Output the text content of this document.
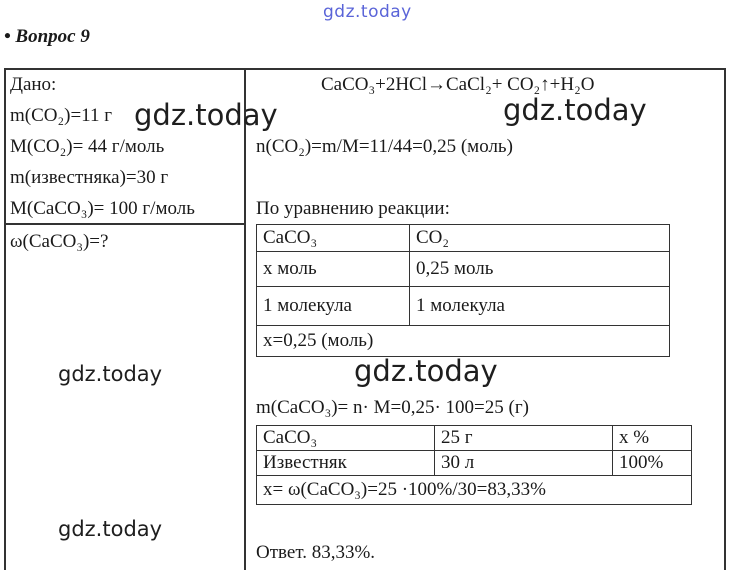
gdz.today
• Вопрос 9
Дано:
m(CO₂)=11 г
M(CO₂)= 44 г/моль
m(известняка)=30 г
M(CaCO₃)= 100 г/моль
ω(CaCO₃)=?
CaCO₃+2HCl→CaCl₂+ CO₂↑+H₂O
n(CO₂)=m/M=11/44=0,25 (моль)
По уравнению реакции:
CaCO₃	CO₂
x моль	0,25 моль
1 молекула	1 молекула
x=0,25 (моль)	
m(CaCO₃)= n· M=0,25· 100=25 (г)
CaCO₃	25 г	x %
Известняк	30 л	100%
x= ω(CaCO₃)=25 ·100%/30=83,33%		
Ответ. 83,33%.
gdz.today	gdz.today
gdz.today
gdz.today
gdz.today
